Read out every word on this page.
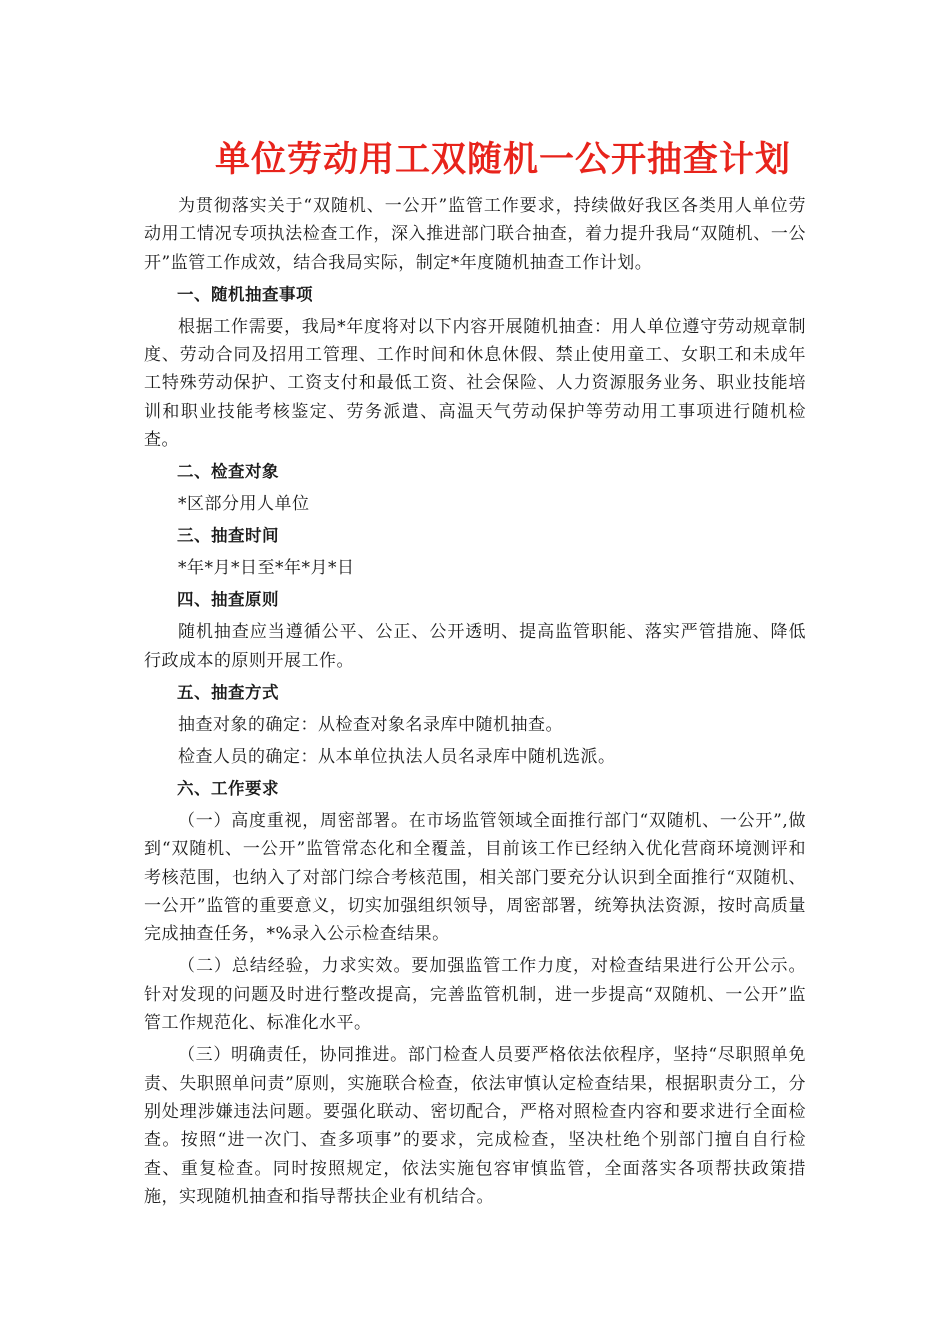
单位劳动用工双随机一公开抽查计划
为贯彻落实关于“双随机、一公开”监管工作要求，持续做好我区各类用人单位劳动用工情况专项执法检查工作，深入推进部门联合抽查，着力提升我局“双随机、一公开”监管工作成效，结合我局实际，制定*年度随机抽查工作计划。
一、随机抽查事项
根据工作需要，我局*年度将对以下内容开展随机抽查：用人单位遵守劳动规章制度、劳动合同及招用工管理、工作时间和休息休假、禁止使用童工、女职工和未成年工特殊劳动保护、工资支付和最低工资、社会保险、人力资源服务业务、职业技能培训和职业技能考核鉴定、劳务派遣、高温天气劳动保护等劳动用工事项进行随机检查。
二、检查对象
*区部分用人单位
三、抽查时间
*年*月*日至*年*月*日
四、抽查原则
随机抽查应当遵循公平、公正、公开透明、提高监管职能、落实严管措施、降低行政成本的原则开展工作。
五、抽查方式
抽查对象的确定：从检查对象名录库中随机抽查。
检查人员的确定：从本单位执法人员名录库中随机选派。
六、工作要求
（一）高度重视，周密部署。在市场监管领域全面推行部门“双随机、一公开”,做到“双随机、一公开”监管常态化和全覆盖，目前该工作已经纳入优化营商环境测评和考核范围，也纳入了对部门综合考核范围，相关部门要充分认识到全面推行“双随机、一公开”监管的重要意义，切实加强组织领导，周密部署，统筹执法资源，按时高质量完成抽查任务，*%录入公示检查结果。
（二）总结经验，力求实效。要加强监管工作力度，对检查结果进行公开公示。针对发现的问题及时进行整改提高，完善监管机制，进一步提高“双随机、一公开”监管工作规范化、标准化水平。
（三）明确责任，协同推进。部门检查人员要严格依法依程序，坚持“尽职照单免责、失职照单问责”原则，实施联合检查，依法审慎认定检查结果，根据职责分工，分别处理涉嫌违法问题。要强化联动、密切配合，严格对照检查内容和要求进行全面检查。按照“进一次门、查多项事”的要求，完成检查，坚决杜绝个别部门擅自自行检查、重复检查。同时按照规定，依法实施包容审慎监管，全面落实各项帮扶政策措施，实现随机抽查和指导帮扶企业有机结合。
